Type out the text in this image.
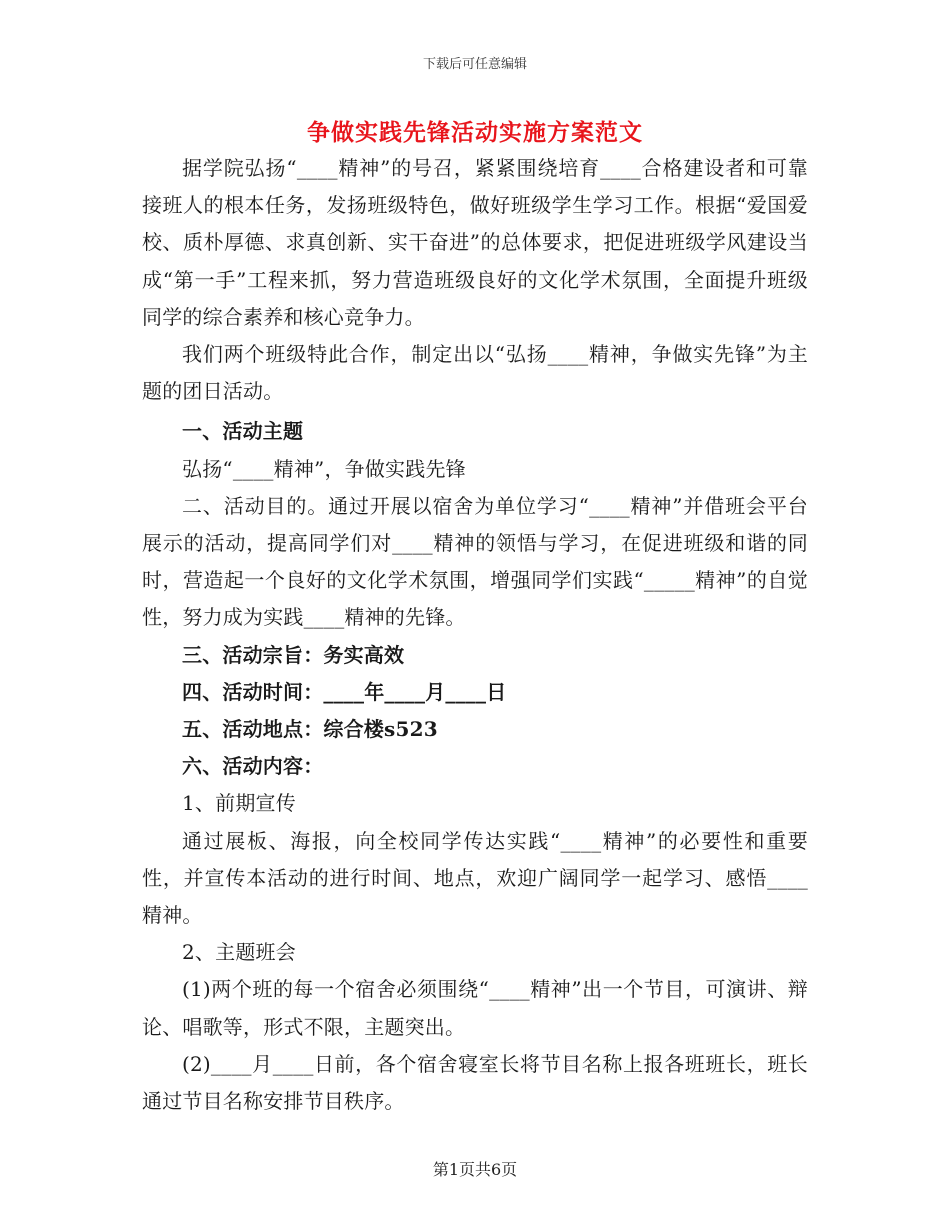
下载后可任意编辑
争做实践先锋活动实施方案范文

据学院弘扬“____精神”的号召，紧紧围绕培育____合格建设者和可靠接班人的根本任务，发扬班级特色，做好班级学生学习工作。根据“爱国爱校、质朴厚德、求真创新、实干奋进”的总体要求，把促进班级学风建设当成“第一手”工程来抓，努力营造班级良好的文化学术氛围，全面提升班级同学的综合素养和核心竞争力。

我们两个班级特此合作，制定出以“弘扬____精神，争做实先锋”为主题的团日活动。

一、活动主题

弘扬“____精神”，争做实践先锋

二、活动目的。通过开展以宿舍为单位学习“____精神”并借班会平台展示的活动，提高同学们对____精神的领悟与学习，在促进班级和谐的同时，营造起一个良好的文化学术氛围，增强同学们实践“_____精神”的自觉性，努力成为实践____精神的先锋。

三、活动宗旨：务实高效

四、活动时间：____年____月____日

五、活动地点：综合楼s523

六、活动内容：

1、前期宣传

通过展板、海报，向全校同学传达实践“____精神”的必要性和重要性，并宣传本活动的进行时间、地点，欢迎广阔同学一起学习、感悟____精神。

2、主题班会

(1)两个班的每一个宿舍必须围绕“____精神”出一个节目，可演讲、辩论、唱歌等，形式不限，主题突出。

(2)____月____日前，各个宿舍寝室长将节目名称上报各班班长，班长通过节目名称安排节目秩序。

第1页共6页
